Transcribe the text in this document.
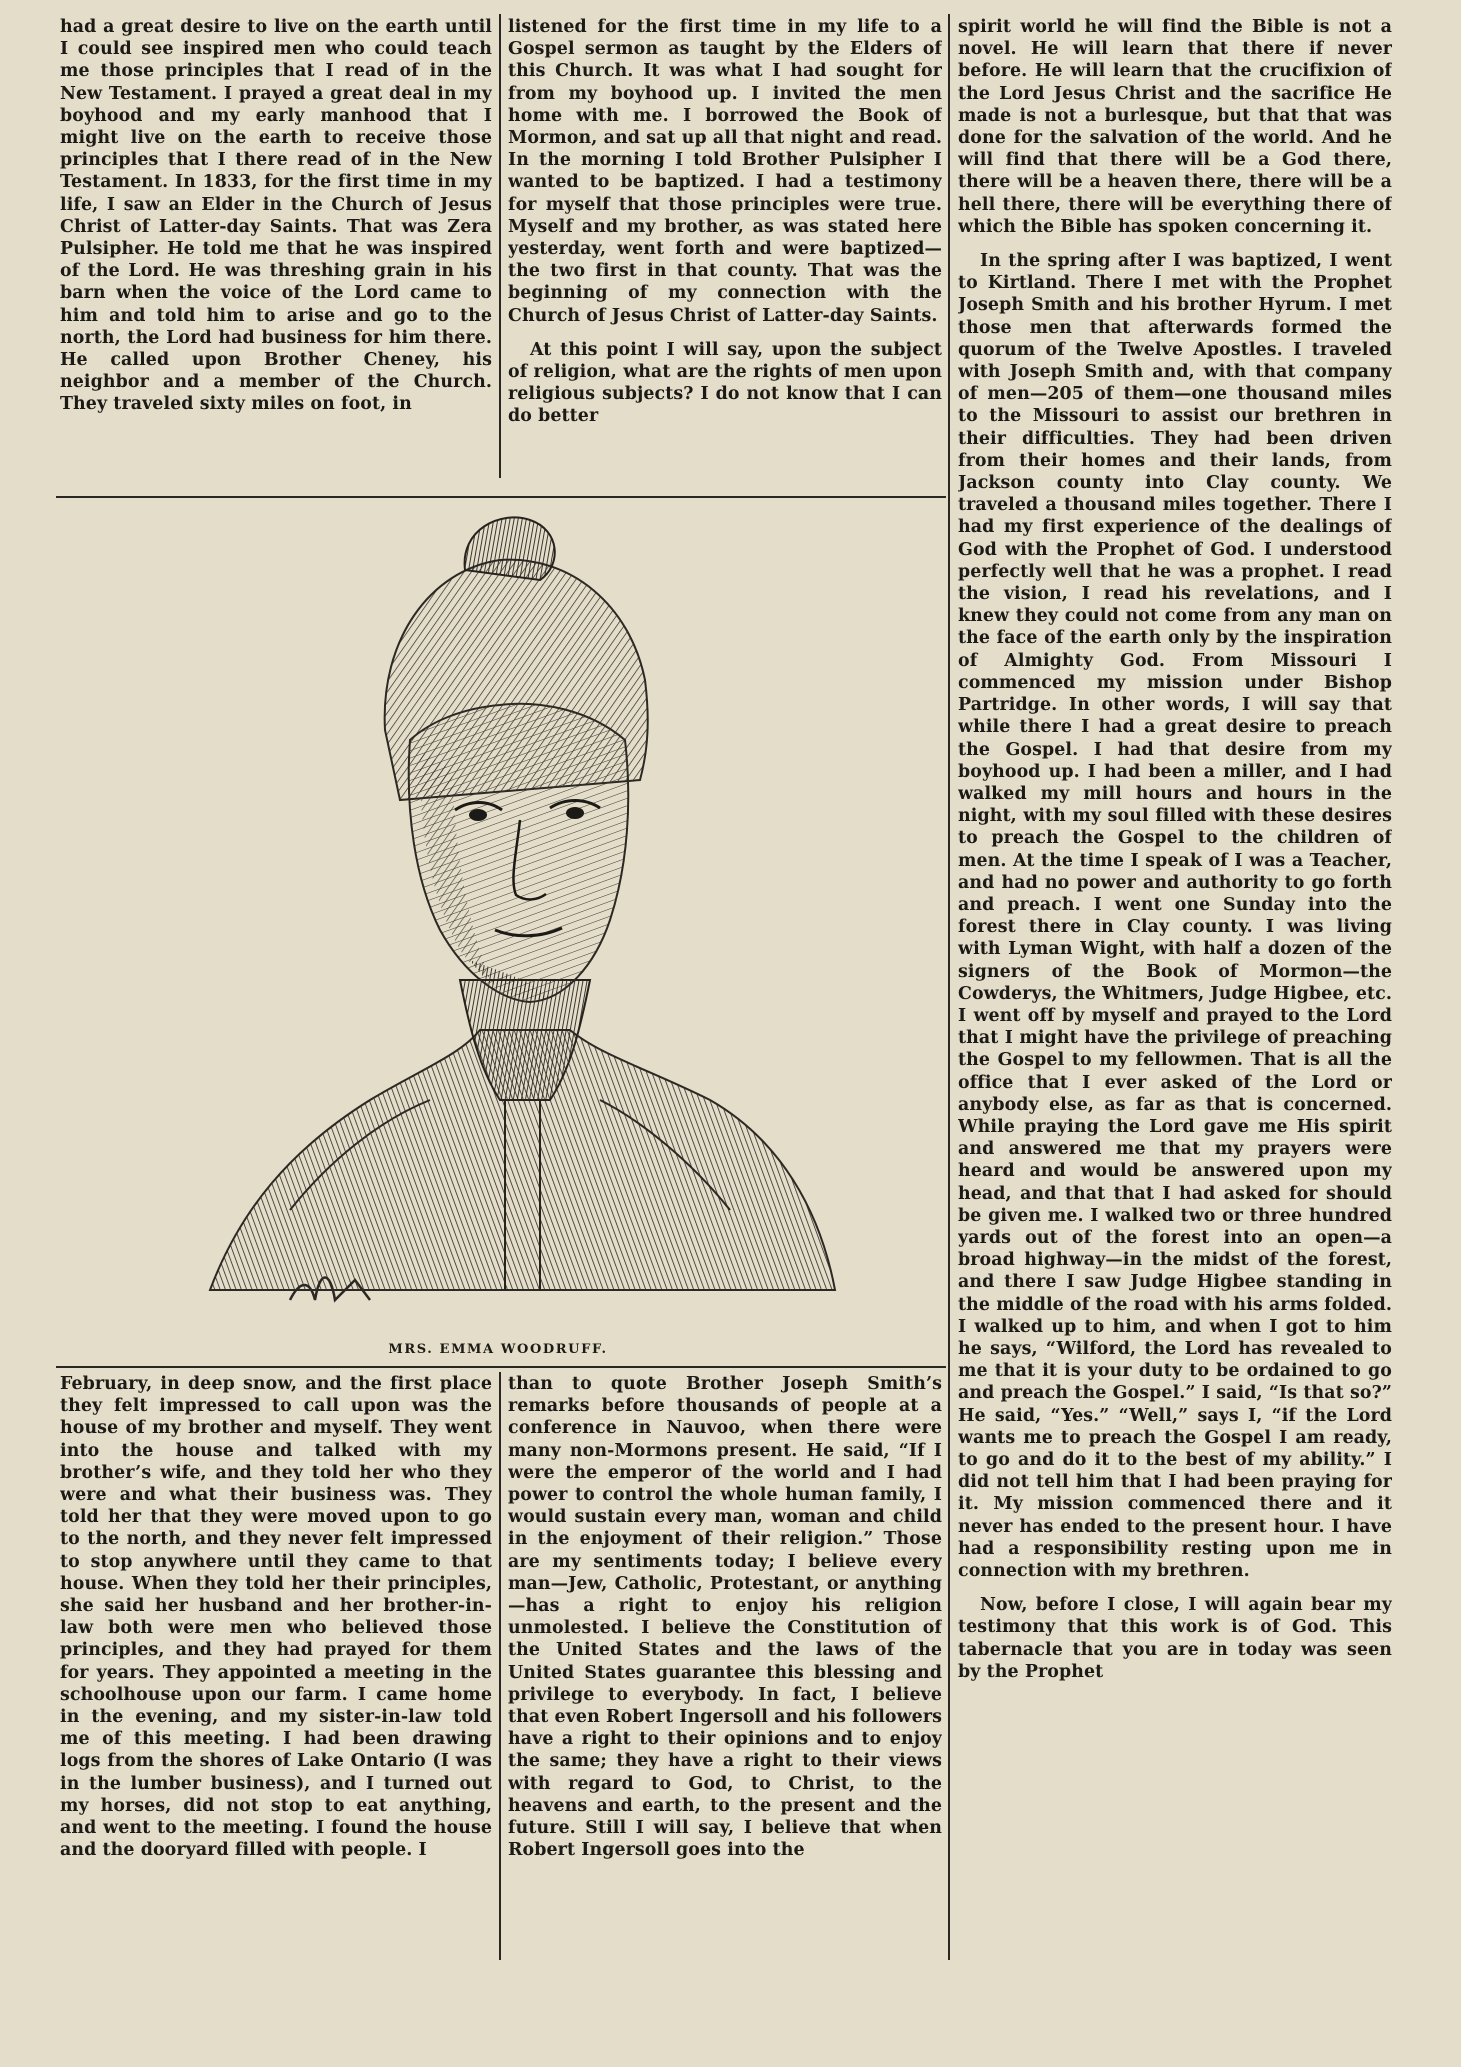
had a great desire to live on the earth until I could see inspired men who could teach me those principles that I read of in the New Testament. I prayed a great deal in my boyhood and my early manhood that I might live on the earth to receive those principles that I there read of in the New Testament. In 1833, for the first time in my life, I saw an Elder in the Church of Jesus Christ of Latter-day Saints. That was Zera Pulsipher. He told me that he was inspired of the Lord. He was threshing grain in his barn when the voice of the Lord came to him and told him to arise and go to the north, the Lord had business for him there. He called upon Brother Cheney, his neighbor and a member of the Church. They traveled sixty miles on foot, in

listened for the first time in my life to a Gospel sermon as taught by the Elders of this Church. It was what I had sought for from my boyhood up. I invited the men home with me. I borrowed the Book of Mormon, and sat up all that night and read. In the morning I told Brother Pulsipher I wanted to be baptized. I had a testimony for myself that those principles were true. Myself and my brother, as was stated here yesterday, went forth and were baptized—the two first in that county. That was the beginning of my connection with the Church of Jesus Christ of Latter-day Saints.

At this point I will say, upon the subject of religion, what are the rights of men upon religious subjects? I do not know that I can do better

spirit world he will find the Bible is not a novel. He will learn that there if never before. He will learn that the crucifixion of the Lord Jesus Christ and the sacrifice He made is not a burlesque, but that that was done for the salvation of the world. And he will find that there will be a God there, there will be a heaven there, there will be a hell there, there will be everything there of which the Bible has spoken concerning it.

In the spring after I was baptized, I went to Kirtland. There I met with the Prophet Joseph Smith and his brother Hyrum. I met those men that afterwards formed the quorum of the Twelve Apostles. I traveled with Joseph Smith and, with that company of men—205 of them—one thousand miles to the Missouri to assist our brethren in their difficulties. They had been driven from their homes and their lands, from Jackson county into Clay county. We traveled a thousand miles together. There I had my first experience of the dealings of God with the Prophet of God. I understood perfectly well that he was a prophet. I read the vision, I read his revelations, and I knew they could not come from any man on the face of the earth only by the inspiration of Almighty God. From Missouri I commenced my mission under Bishop Partridge. In other words, I will say that while there I had a great desire to preach the Gospel. I had that desire from my boyhood up. I had been a miller, and I had walked my mill hours and hours in the night, with my soul filled with these desires to preach the Gospel to the children of men. At the time I speak of I was a Teacher, and had no power and authority to go forth and preach. I went one Sunday into the forest there in Clay county. I was living with Lyman Wight, with half a dozen of the signers of the Book of Mormon—the Cowderys, the Whitmers, Judge Higbee, etc. I went off by myself and prayed to the Lord that I might have the privilege of preaching the Gospel to my fellowmen. That is all the office that I ever asked of the Lord or anybody else, as far as that is concerned. While praying the Lord gave me His spirit and answered me that my prayers were heard and would be answered upon my head, and that that I had asked for should be given me. I walked two or three hundred yards out of the forest into an open—a broad highway—in the midst of the forest, and there I saw Judge Higbee standing in the middle of the road with his arms folded. I walked up to him, and when I got to him he says, “Wilford, the Lord has revealed to me that it is your duty to be ordained to go and preach the Gospel.” I said, “Is that so?” He said, “Yes.” “Well,” says I, “if the Lord wants me to preach the Gospel I am ready, to go and do it to the best of my ability.” I did not tell him that I had been praying for it. My mission commenced there and it never has ended to the present hour. I have had a responsibility resting upon me in connection with my brethren.

Now, before I close, I will again bear my testimony that this work is of God. This tabernacle that you are in today was seen by the Prophet

February, in deep snow, and the first place they felt impressed to call upon was the house of my brother and myself. They went into the house and talked with my brother’s wife, and they told her who they were and what their business was. They told her that they were moved upon to go to the north, and they never felt impressed to stop anywhere until they came to that house. When they told her their principles, she said her husband and her brother-in-law both were men who believed those principles, and they had prayed for them for years. They appointed a meeting in the schoolhouse upon our farm. I came home in the evening, and my sister-in-law told me of this meeting. I had been drawing logs from the shores of Lake Ontario (I was in the lumber business), and I turned out my horses, did not stop to eat anything, and went to the meeting. I found the house and the dooryard filled with people. I

than to quote Brother Joseph Smith’s remarks before thousands of people at a conference in Nauvoo, when there were many non-Mormons present. He said, “If I were the emperor of the world and I had power to control the whole human family, I would sustain every man, woman and child in the enjoyment of their religion.” Those are my sentiments today; I believe every man—Jew, Catholic, Protestant, or anything—has a right to enjoy his religion unmolested. I believe the Constitution of the United States and the laws of the United States guarantee this blessing and privilege to everybody. In fact, I believe that even Robert Ingersoll and his followers have a right to their opinions and to enjoy the same; they have a right to their views with regard to God, to Christ, to the heavens and earth, to the present and the future. Still I will say, I believe that when Robert Ingersoll goes into the

MRS. EMMA WOODRUFF.
